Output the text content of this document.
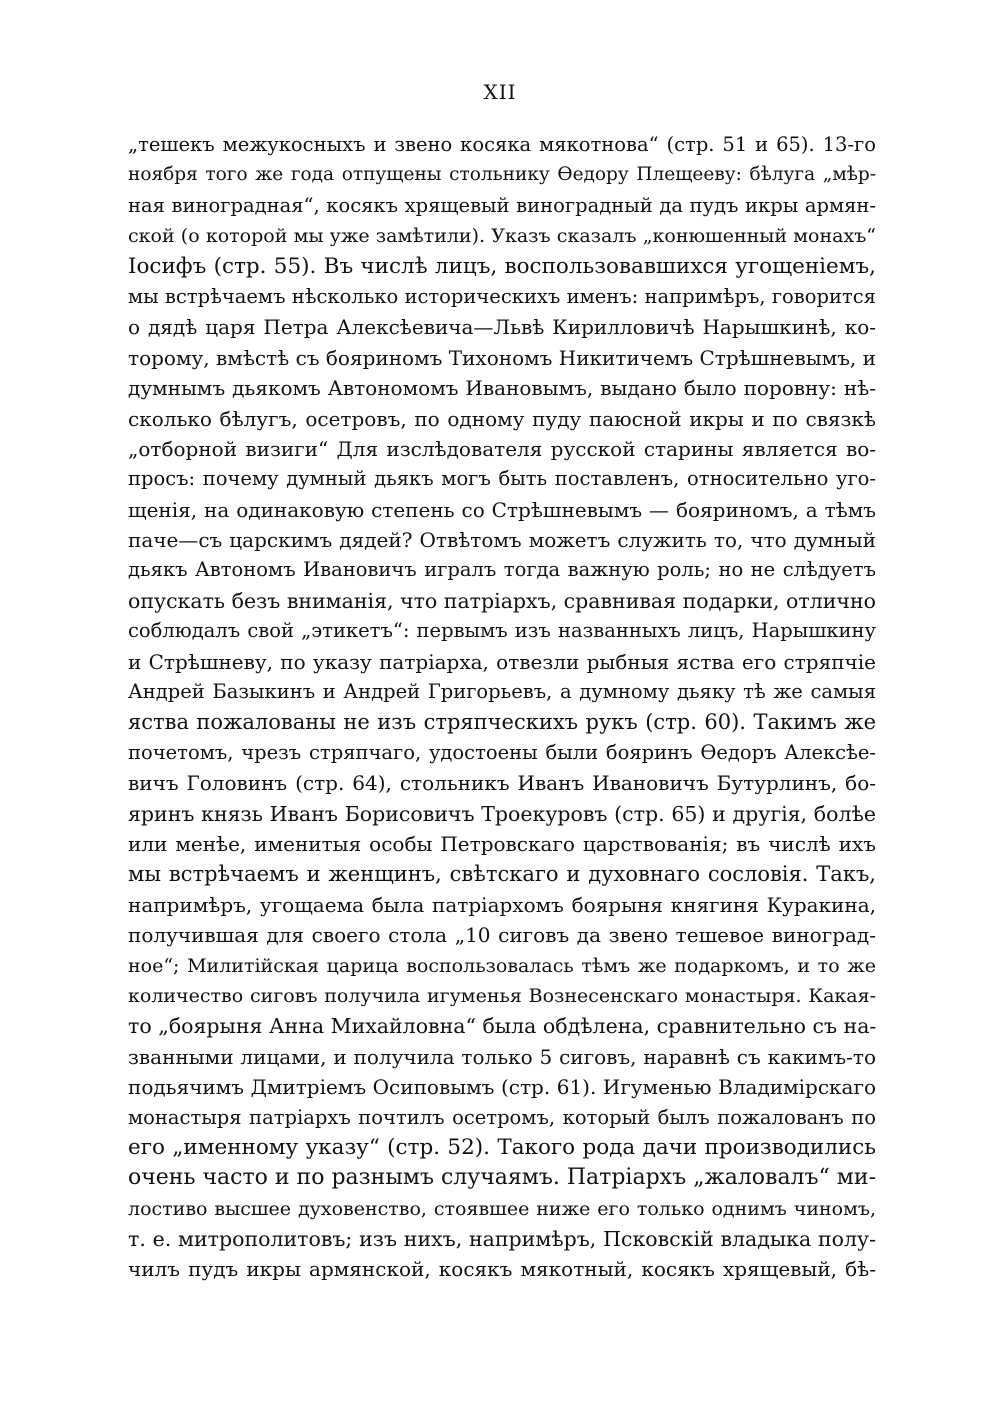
XII
„тешекъ межукосныхъ и звено косяка мякотнова“ (стр. 51 и 65). 13-го
ноября того же года отпущены стольнику Өедору Плещееву: бѣлуга „мѣр-
ная виноградная“, косякъ хрящевый виноградный да пудъ икры армян-
ской (о которой мы уже замѣтили). Указъ сказалъ „конюшенный монахъ“
Іосифъ (стр. 55). Въ числѣ лицъ, воспользовавшихся угощеніемъ,
мы встрѣчаемъ нѣсколько историческихъ именъ: напримѣръ, говорится
о дядѣ царя Петра Алексѣевича—Львѣ Кирилловичѣ Нарышкинѣ, ко-
торому, вмѣстѣ съ бояриномъ Тихономъ Никитичемъ Стрѣшневымъ, и
думнымъ дьякомъ Автономомъ Ивановымъ, выдано было поровну: нѣ-
сколько бѣлугъ, осетровъ, по одному пуду паюсной икры и по связкѣ
„отборной визиги“ Для изслѣдователя русской старины является во-
просъ: почему думный дьякъ могъ быть поставленъ, относительно уго-
щенія, на одинаковую степень со Стрѣшневымъ — бояриномъ, а тѣмъ
паче—съ царскимъ дядей? Отвѣтомъ можетъ служить то, что думный
дьякъ Автономъ Ивановичъ игралъ тогда важную роль; но не слѣдуетъ
опускать безъ вниманія, что патріархъ, сравнивая подарки, отлично
соблюдалъ свой „этикетъ“: первымъ изъ названныхъ лицъ, Нарышкину
и Стрѣшневу, по указу патріарха, отвезли рыбныя яства его стряпчіе
Андрей Базыкинъ и Андрей Григорьевъ, а думному дьяку тѣ же самыя
яства пожалованы не изъ стряпческихъ рукъ (стр. 60). Такимъ же
почетомъ, чрезъ стряпчаго, удостоены были бояринъ Өедоръ Алексѣе-
вичъ Головинъ (стр. 64), стольникъ Иванъ Ивановичъ Бутурлинъ, бо-
яринъ князь Иванъ Борисовичъ Троекуровъ (стр. 65) и другія, болѣе
или менѣе, именитыя особы Петровскаго царствованія; въ числѣ ихъ
мы встрѣчаемъ и женщинъ, свѣтскаго и духовнаго сословія. Такъ,
напримѣръ, угощаема была патріархомъ боярыня княгиня Куракина,
получившая для своего стола „10 сиговъ да звено тешевое виноград-
ное“; Милитійская царица воспользовалась тѣмъ же подаркомъ, и то же
количество сиговъ получила игуменья Вознесенскаго монастыря. Какая-
то „боярыня Анна Михайловна“ была обдѣлена, сравнительно съ на-
званными лицами, и получила только 5 сиговъ, наравнѣ съ какимъ-то
подьячимъ Дмитріемъ Осиповымъ (стр. 61). Игуменью Владимірскаго
монастыря патріархъ почтилъ осетромъ, который былъ пожалованъ по
его „именному указу“ (стр. 52). Такого рода дачи производились
очень часто и по разнымъ случаямъ. Патріархъ „жаловалъ“ ми-
лостиво высшее духовенство, стоявшее ниже его только однимъ чиномъ,
т. е. митрополитовъ; изъ нихъ, напримѣръ, Псковскій владыка полу-
чилъ пудъ икры армянской, косякъ мякотный, косякъ хрящевый, бѣ-
